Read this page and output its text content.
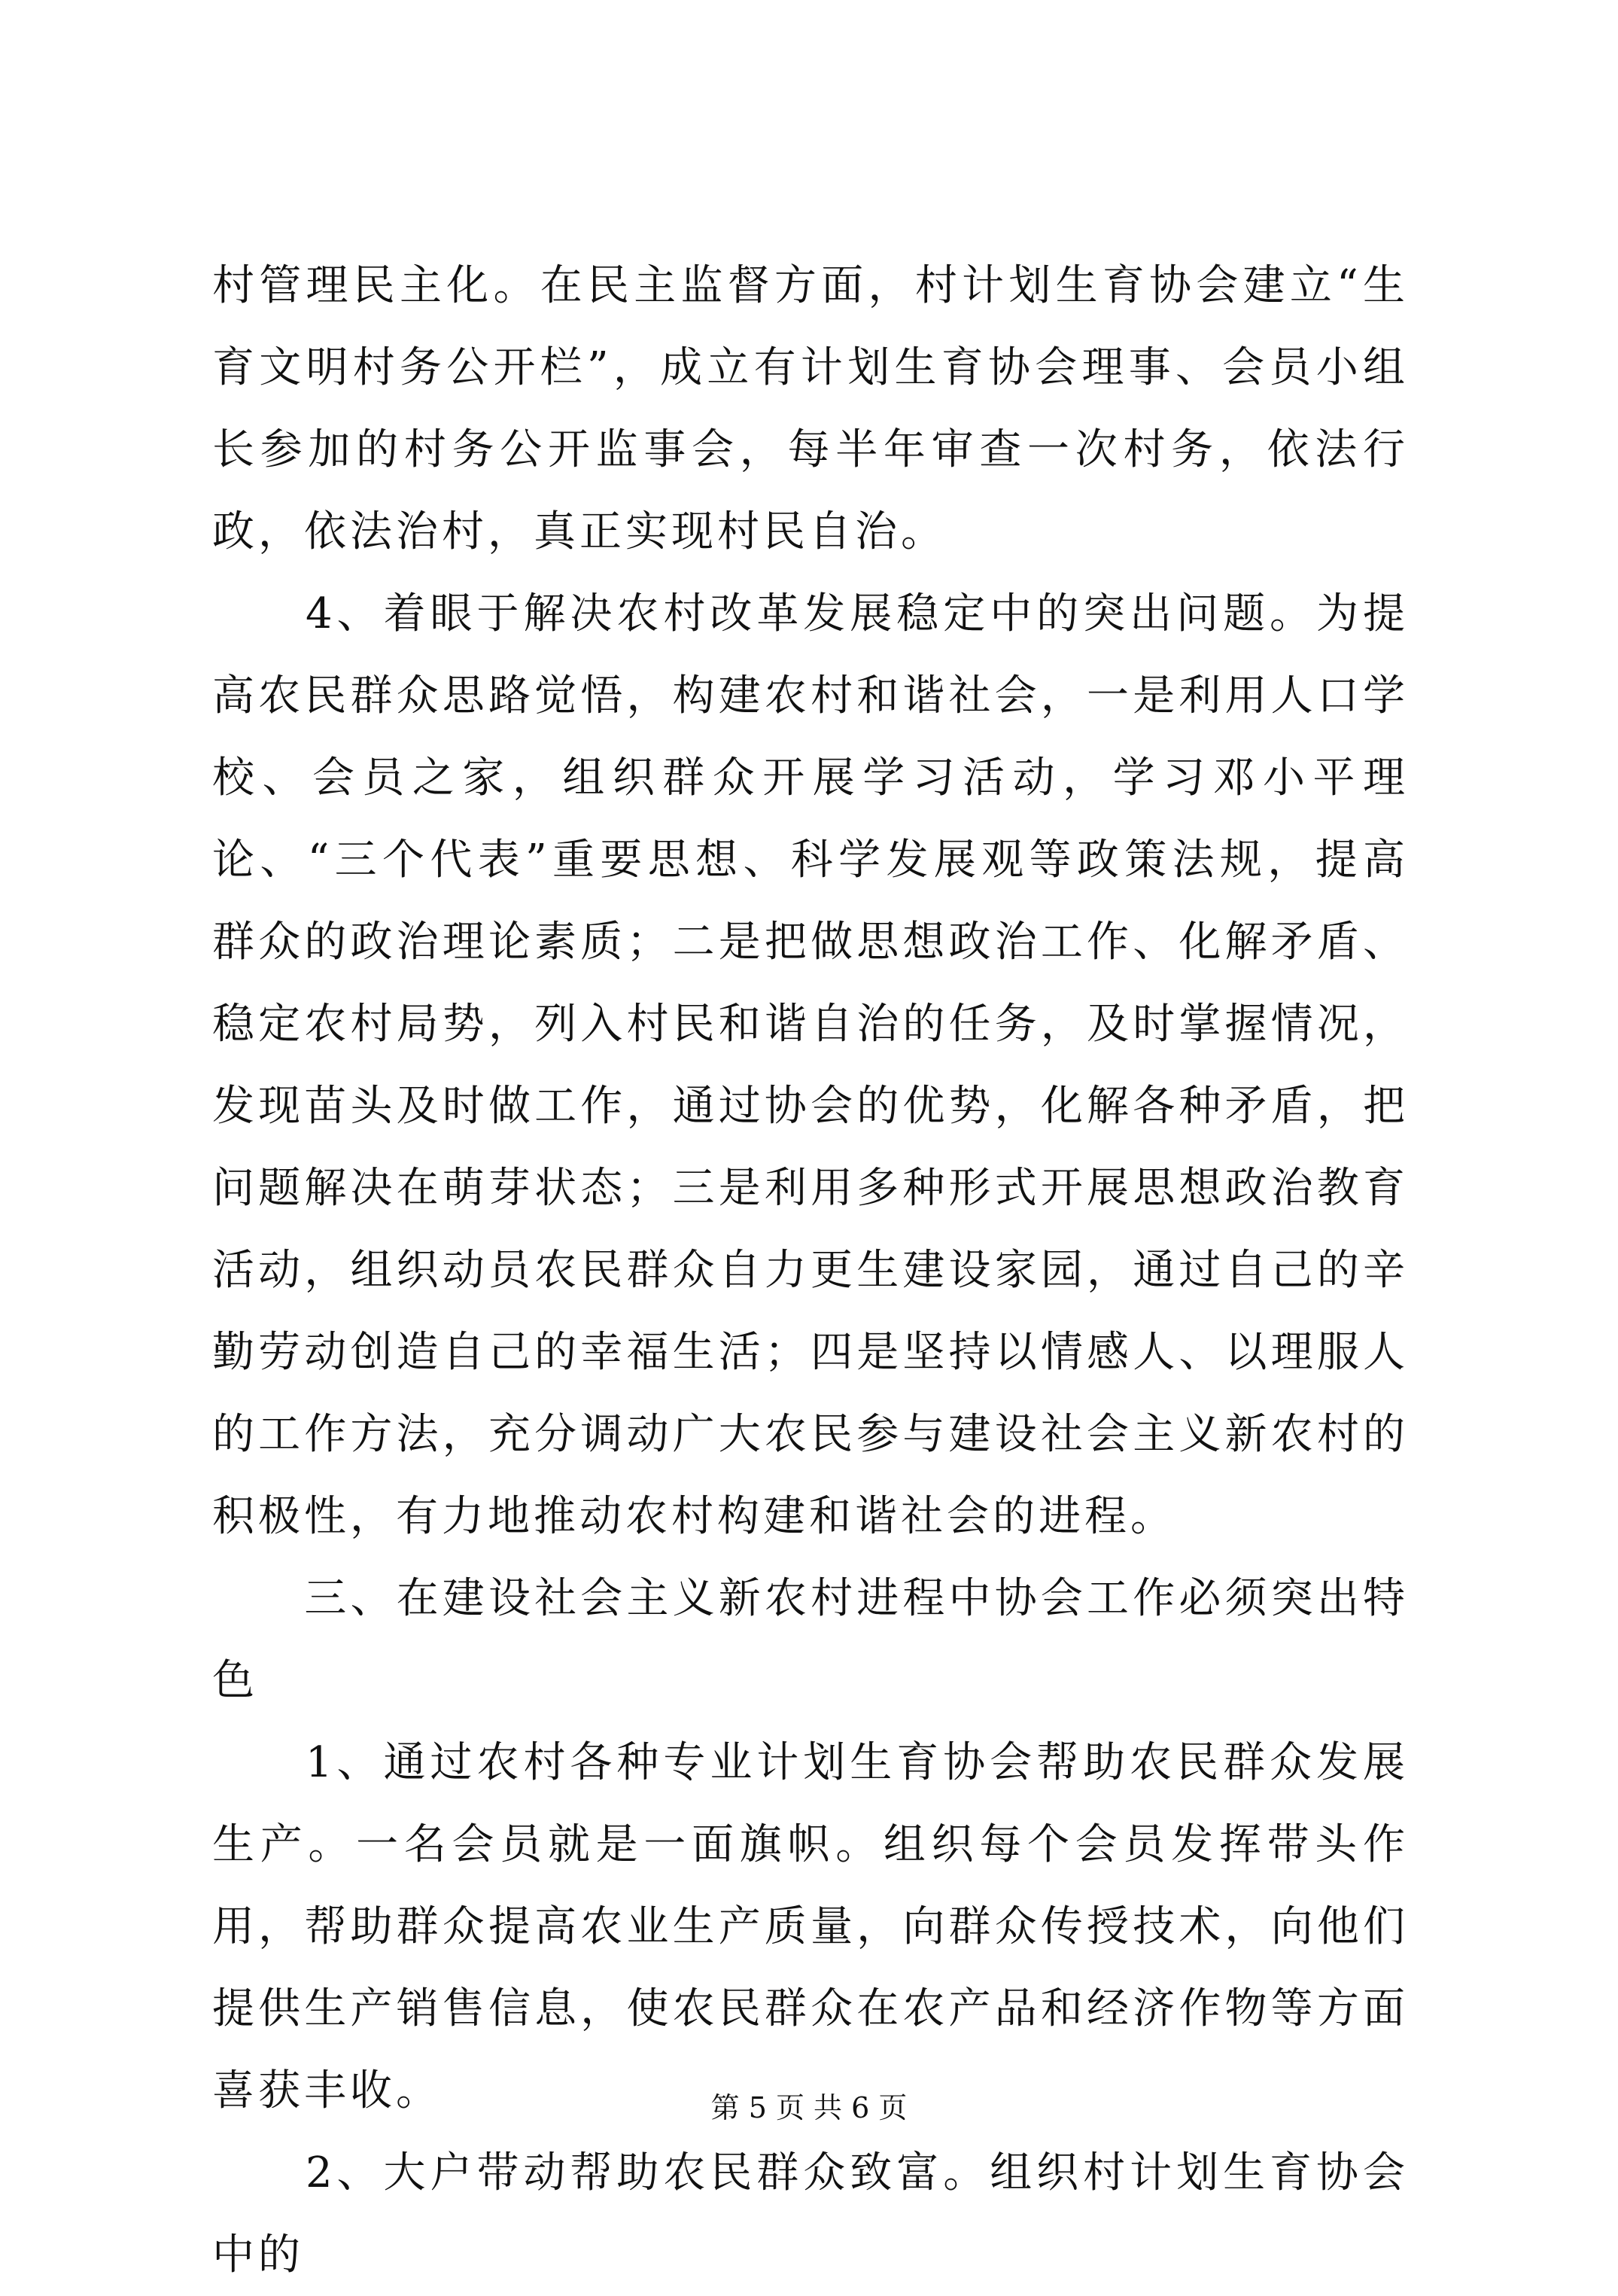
村管理民主化。在民主监督方面，村计划生育协会建立“生育文明村务公开栏”，成立有计划生育协会理事、会员小组长参加的村务公开监事会，每半年审查一次村务，依法行政，依法治村，真正实现村民自治。

　　4、着眼于解决农村改革发展稳定中的突出问题。为提高农民群众思路觉悟，构建农村和谐社会，一是利用人口学校、会员之家，组织群众开展学习活动，学习邓小平理论、“三个代表”重要思想、科学发展观等政策法规，提高群众的政治理论素质；二是把做思想政治工作、化解矛盾、稳定农村局势，列入村民和谐自治的任务，及时掌握情况，发现苗头及时做工作，通过协会的优势，化解各种矛盾，把问题解决在萌芽状态；三是利用多种形式开展思想政治教育活动，组织动员农民群众自力更生建设家园，通过自己的辛勤劳动创造自己的幸福生活；四是坚持以情感人、以理服人的工作方法，充分调动广大农民参与建设社会主义新农村的积极性，有力地推动农村构建和谐社会的进程。

　　三、在建设社会主义新农村进程中协会工作必须突出特色

　　1、通过农村各种专业计划生育协会帮助农民群众发展生产。一名会员就是一面旗帜。组织每个会员发挥带头作用，帮助群众提高农业生产质量，向群众传授技术，向他们提供生产销售信息，使农民群众在农产品和经济作物等方面喜获丰收。

　　2、大户带动帮助农民群众致富。组织村计划生育协会中的

第 5 页 共 6 页
